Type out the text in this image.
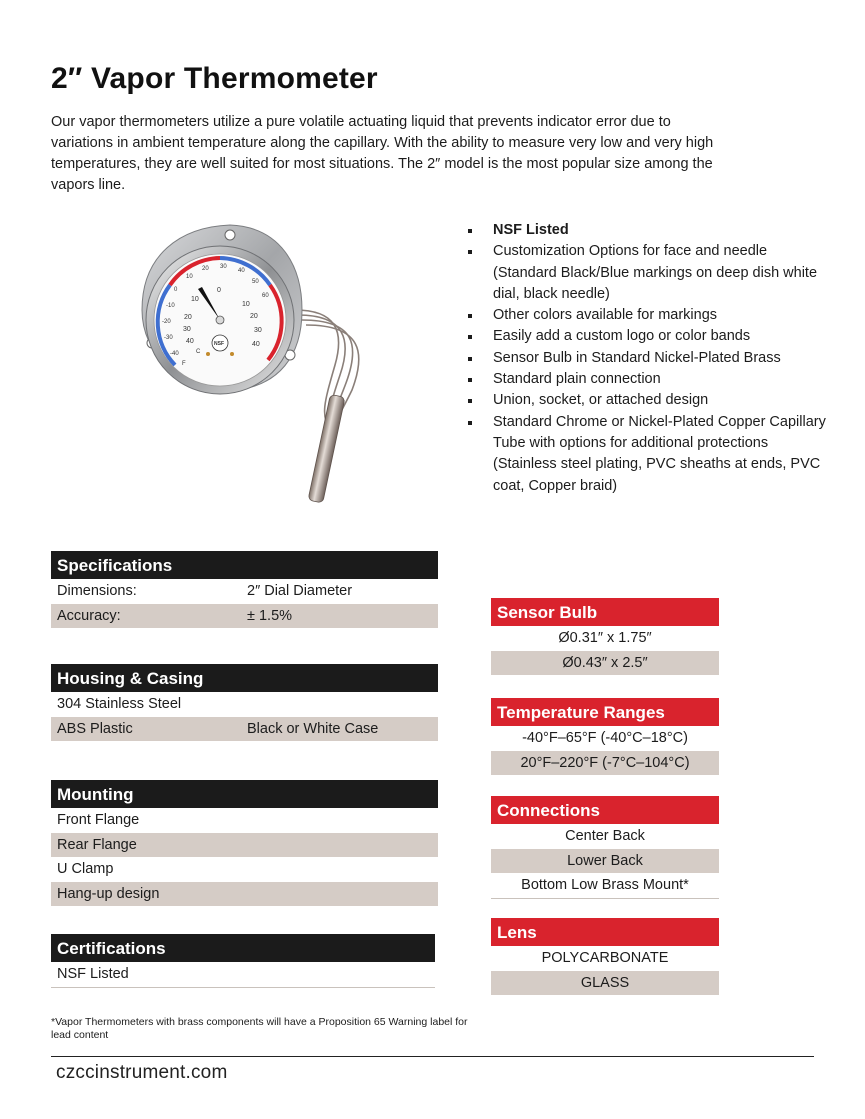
2″ Vapor Thermometer

Our vapor thermometers utilize a pure volatile actuating liquid that prevents indicator error due to variations in ambient temperature along the capillary. With the ability to measure very low and very high temperatures, they are well suited for most situations. The 2″ model is the most popular size among the vapors line.

-40
-30
-20
-10
0
10
20 30
40
50
60
40
30
20
10
0
10
20
30
40
C
F
NSF
NSF Listed
Customization Options for face and needle (Standard Black/Blue markings on deep dish white dial, black needle)
Other colors available for markings
Easily add a custom logo or color bands
Sensor Bulb in Standard Nickel-Plated Brass
Standard plain connection
Union, socket, or attached design
Standard Chrome or Nickel-Plated Copper Capillary Tube with options for additional protections (Stainless steel plating, PVC sheaths at ends, PVC coat, Copper braid)
Specifications
Dimensions:	2″ Dial Diameter
Accuracy:	± 1.5%
Housing & Casing
304 Stainless Steel
ABS Plastic	Black or White Case
Mounting
Front Flange
Rear Flange
U Clamp
Hang-up design
Certifications
NSF Listed
Sensor Bulb
Ø0.31″ x 1.75″
Ø0.43″ x 2.5″
Temperature Ranges
-40°F–65°F (-40°C–18°C)
20°F–220°F (-7°C–104°C)
Connections
Center Back
Lower Back
Bottom Low Brass Mount*
Lens
POLYCARBONATE
GLASS

*Vapor Thermometers with brass components will have a Proposition 65 Warning label for lead content

czccinstrument.com
